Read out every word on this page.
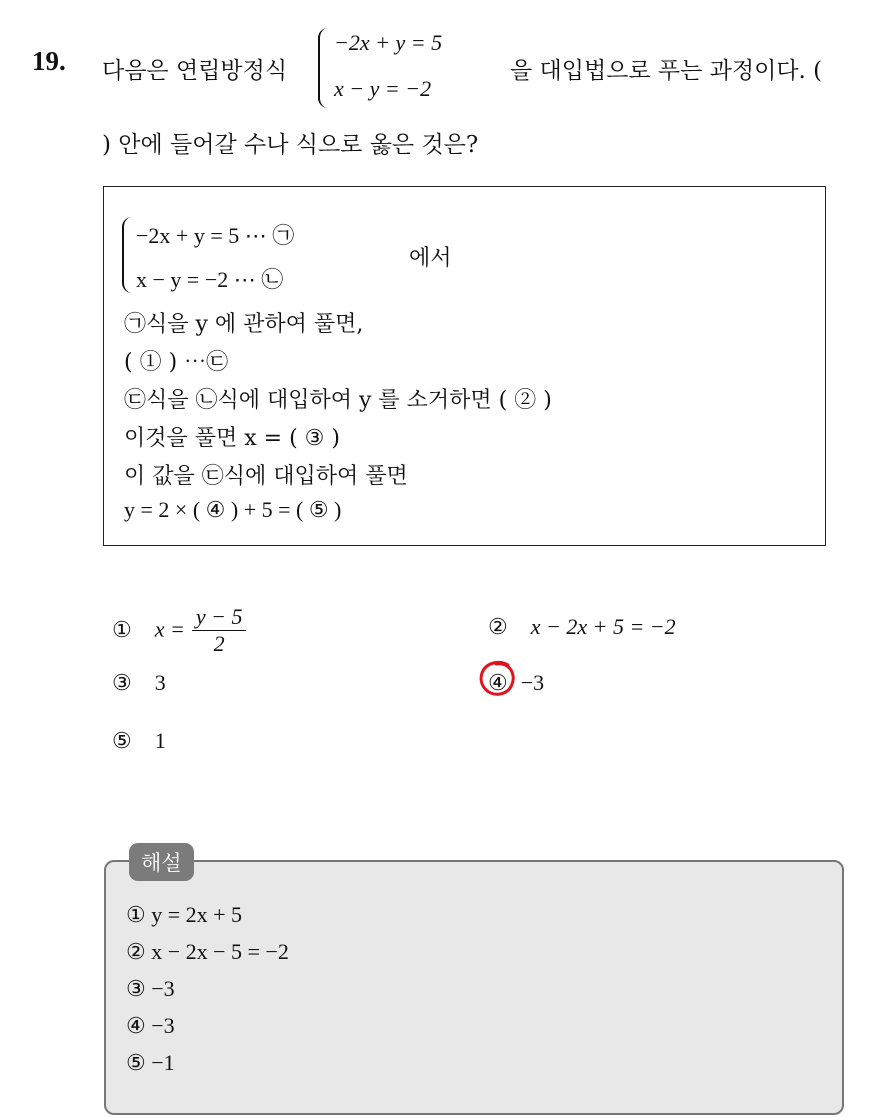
19. 다음은 연립방정식
−2x + y = 5
x − y = −2
을 대입법으로 푸는 과정이다. (
) 안에 들어갈 수나 식으로 옳은 것은?
−2x + y = 5 ⋯ ㉠
x − y = −2 ⋯ ㉡
에서
㉠식을 y 에 관하여 풀면,
( ① ) ⋯㉢
㉢식을 ㉡식에 대입하여 y 를 소거하면 ( ② )
이것을 풀면 x = ( ③ )
이 값을 ㉢식에 대입하여 풀면
y = 2 × ( ④ ) + 5 = ( ⑤ )
① $x = \frac{y - 5}{2}$	② x − 2x + 5 = −2
③ 3	④ −3
⑤ 1
① y = 2x + 5
② x − 2x − 5 = −2
③ −3
④ −3
⑤ −1
해설
